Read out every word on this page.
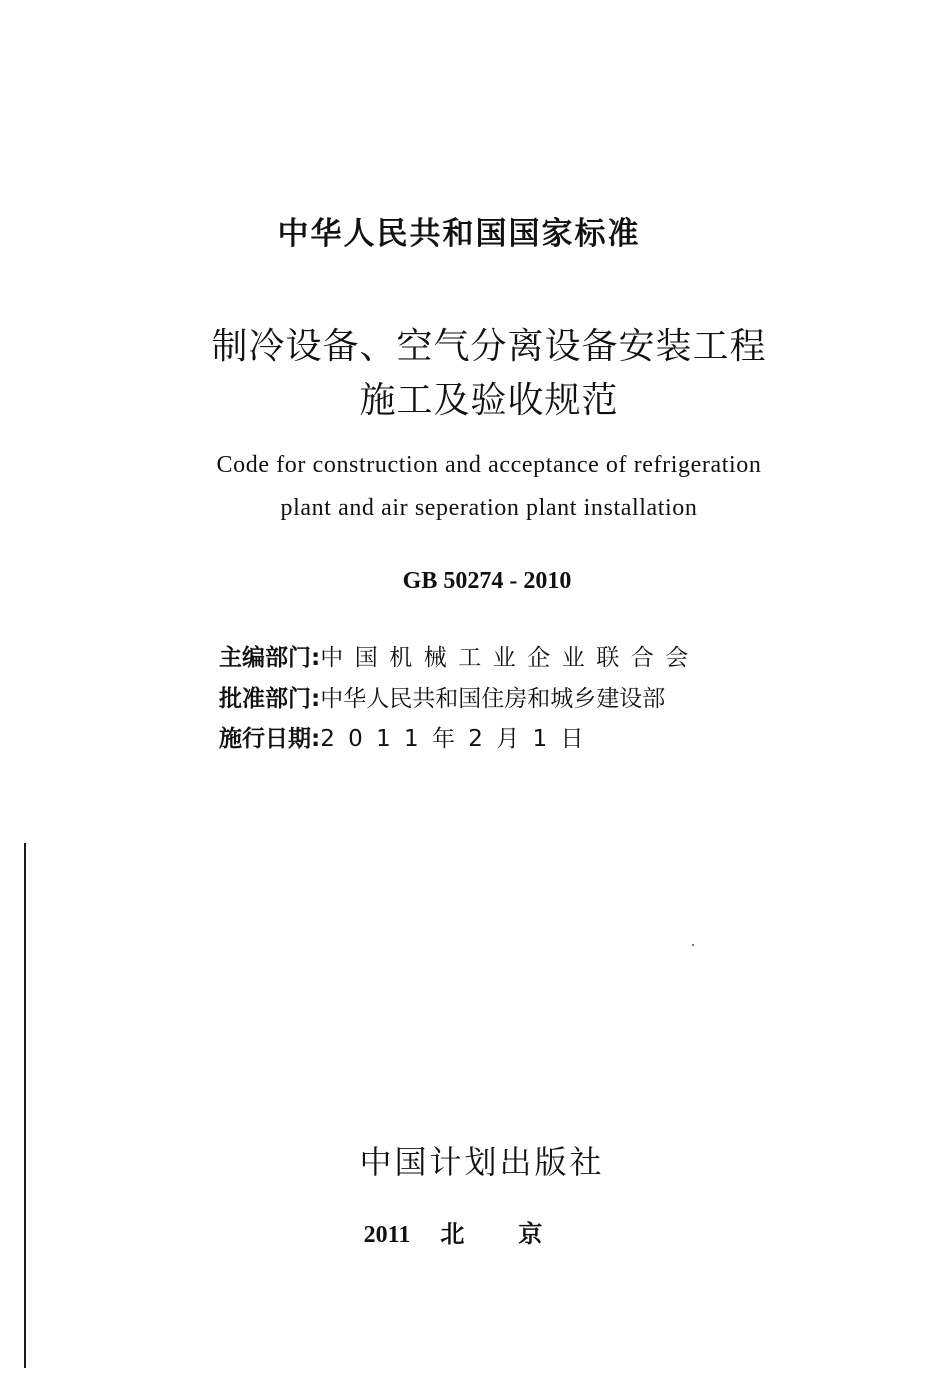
中华人民共和国国家标准
制冷设备、空气分离设备安装工程
施工及验收规范
Code for construction and acceptance of refrigeration
plant and air seperation plant installation
GB 50274 - 2010
主编部门:中国机械工业企业联合会
批准部门:中华人民共和国住房和城乡建设部
施行日期:2 0 1 1 年 2 月 1 日
中国计划出版社
2011 北京
